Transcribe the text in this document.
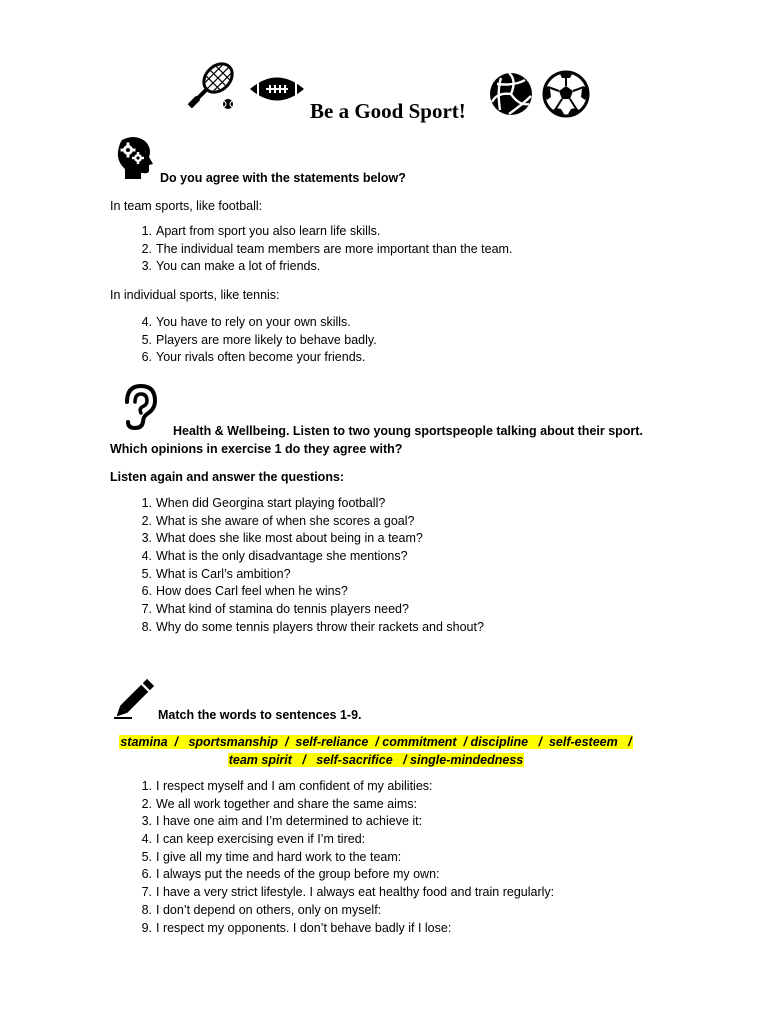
Be a Good Sport!
Do you agree with the statements below?
In team sports, like football:
1. Apart from sport you also learn life skills.
2. The individual team members are more important than the team.
3. You can make a lot of friends.
In individual sports, like tennis:
4. You have to rely on your own skills.
5. Players are more likely to behave badly.
6. Your rivals often become your friends.
Health & Wellbeing. Listen to two young sportspeople talking about their sport.
Which opinions in exercise 1 do they agree with?
Listen again and answer the questions:
1. When did Georgina start playing football?
2. What is she aware of when she scores a goal?
3. What does she like most about being in a team?
4. What is the only disadvantage she mentions?
5. What is Carl’s ambition?
6. How does Carl feel when he wins?
7. What kind of stamina do tennis players need?
8. Why do some tennis players throw their rackets and shout?
Match the words to sentences 1-9.
stamina  /   sportsmanship  /  self-reliance  / commitment  / discipline   /  self-esteem   /
team spirit   /   self-sacrifice   / single-mindedness
1. I respect myself and I am confident of my abilities:
2. We all work together and share the same aims:
3. I have one aim and I’m determined to achieve it:
4. I can keep exercising even if I’m tired:
5. I give all my time and hard work to the team:
6. I always put the needs of the group before my own:
7. I have a very strict lifestyle. I always eat healthy food and train regularly:
8. I don’t depend on others, only on myself:
9. I respect my opponents. I don’t behave badly if I lose:
